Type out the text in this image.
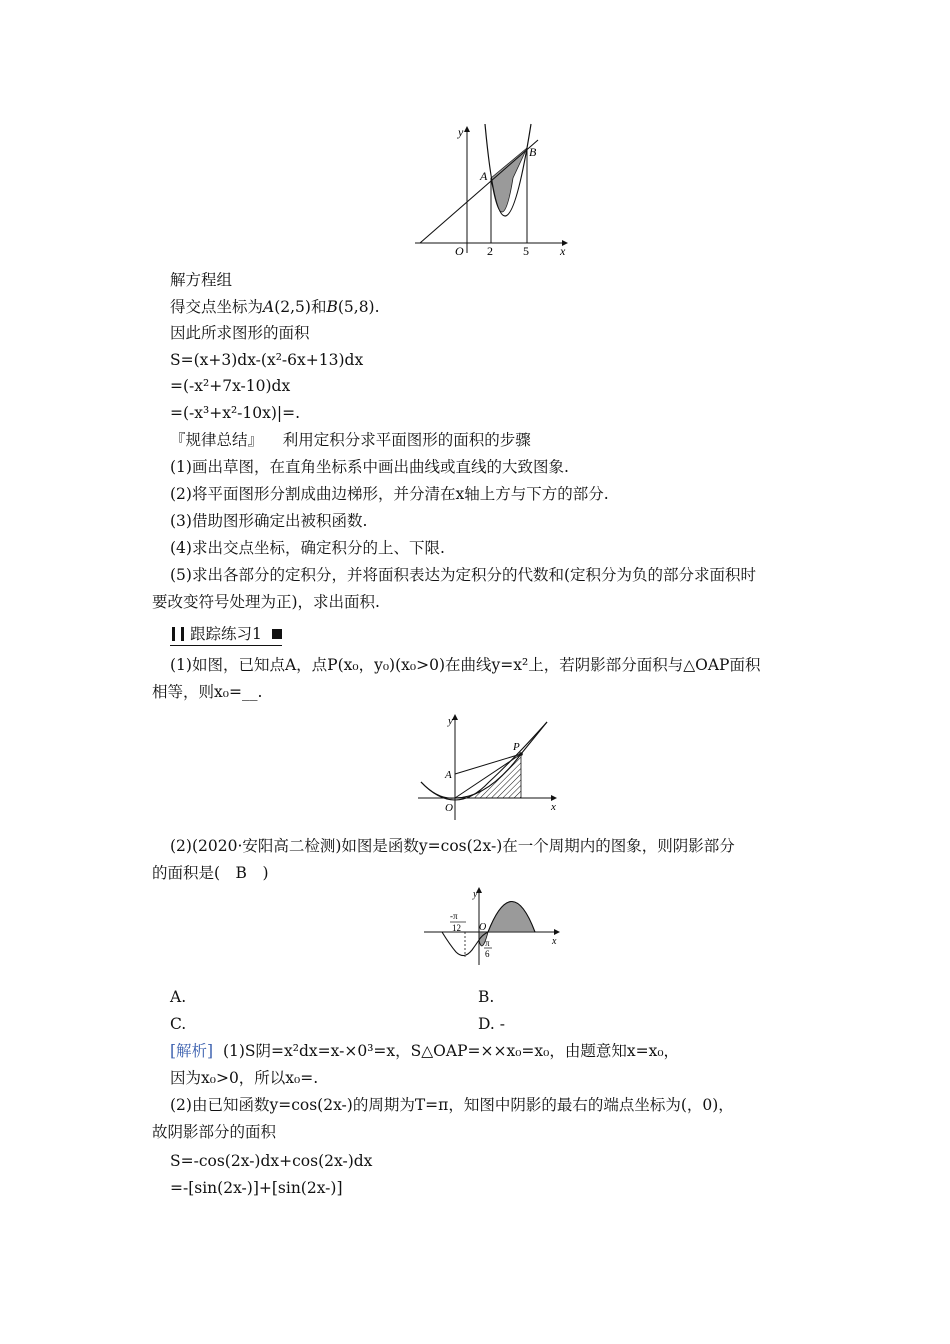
y
x
O
A
B
2	5
解方程组
得交点坐标为A(2,5)和B(5,8).
因此所求图形的面积
S=(x+3)dx-(x²-6x+13)dx
=(-x²+7x-10)dx
=(-x³+x²-10x)|=.
『规律总结』 利用定积分求平面图形的面积的步骤
(1)画出草图，在直角坐标系中画出曲线或直线的大致图象.
(2)将平面图形分割成曲边梯形，并分清在x轴上方与下方的部分.
(3)借助图形确定出被积函数.
(4)求出交点坐标，确定积分的上、下限.
(5)求出各部分的定积分，并将面积表达为定积分的代数和(定积分为负的部分求面积时
要改变符号处理为正)，求出面积.
跟踪练习1
(1)如图，已知点A，点P(x₀，y₀)(x₀>0)在曲线y=x²上，若阴影部分面积与△OAP面积
相等，则x₀=__.
y
x
O
A
P
(2)(2020·安阳高二检测)如图是函数y=cos(2x-)在一个周期内的图象，则阴影部分
的面积是(　B　)
y
x
O
-π
12
π
6
A.	B.
C.	D. -
[解析] (1)S阴=x²dx=x-×0³=x，S△OAP=××x₀=x₀，由题意知x=x₀，
因为x₀>0，所以x₀=.
(2)由已知函数y=cos(2x-)的周期为T=π，知图中阴影的最右的端点坐标为(，0)，
故阴影部分的面积
S=-cos(2x-)dx+cos(2x-)dx
=-[sin(2x-)]+[sin(2x-)]
